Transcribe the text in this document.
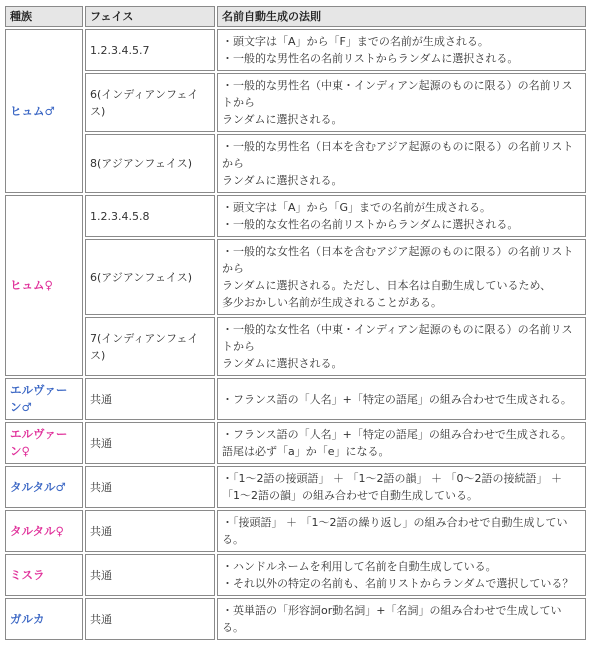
種族	フェイス	名前自動生成の法則
ヒュム♂	1.2.3.4.5.7	・頭文字は「A」から「F」までの名前が生成される。
・一般的な男性名の名前リストからランダムに選択される。

	6(インディアンフェイス)	・一般的な男性名（中東・インディアン起源のものに限る）の名前リストから
ランダムに選択される。

	8(アジアンフェイス)	・一般的な男性名（日本を含むアジア起源のものに限る）の名前リストから
ランダムに選択される。

ヒュム♀	1.2.3.4.5.8	・頭文字は「A」から「G」までの名前が生成される。
・一般的な女性名の名前リストからランダムに選択される。

	6(アジアンフェイス)	・一般的な女性名（日本を含むアジア起源のものに限る）の名前リストから
ランダムに選択される。ただし、日本名は自動生成しているため、
多少おかしい名前が生成されることがある。

	7(インディアンフェイス)	・一般的な女性名（中東・インディアン起源のものに限る）の名前リストから
ランダムに選択される。

エルヴァーン♂	共通	・フランス語の「人名」+「特定の語尾」の組み合わせで生成される。

エルヴァーン♀	共通	・フランス語の「人名」+「特定の語尾」の組み合わせで生成される。
語尾は必ず「a」か「e」になる。

タルタル♂	共通	・「1～2語の接頭語」 ＋ 「1～2語の韻」 ＋ 「0～2語の接続語」 ＋
「1～2語の韻」の組み合わせで自動生成している。

タルタル♀	共通	・「接頭語」 ＋ 「1～2語の繰り返し」の組み合わせで自動生成している。

ミスラ	共通	・ハンドルネームを利用して名前を自動生成している。
・それ以外の特定の名前も、名前リストからランダムで選択している？

ガルカ	共通	・英単語の「形容詞or動名詞」+「名詞」の組み合わせで生成している。
